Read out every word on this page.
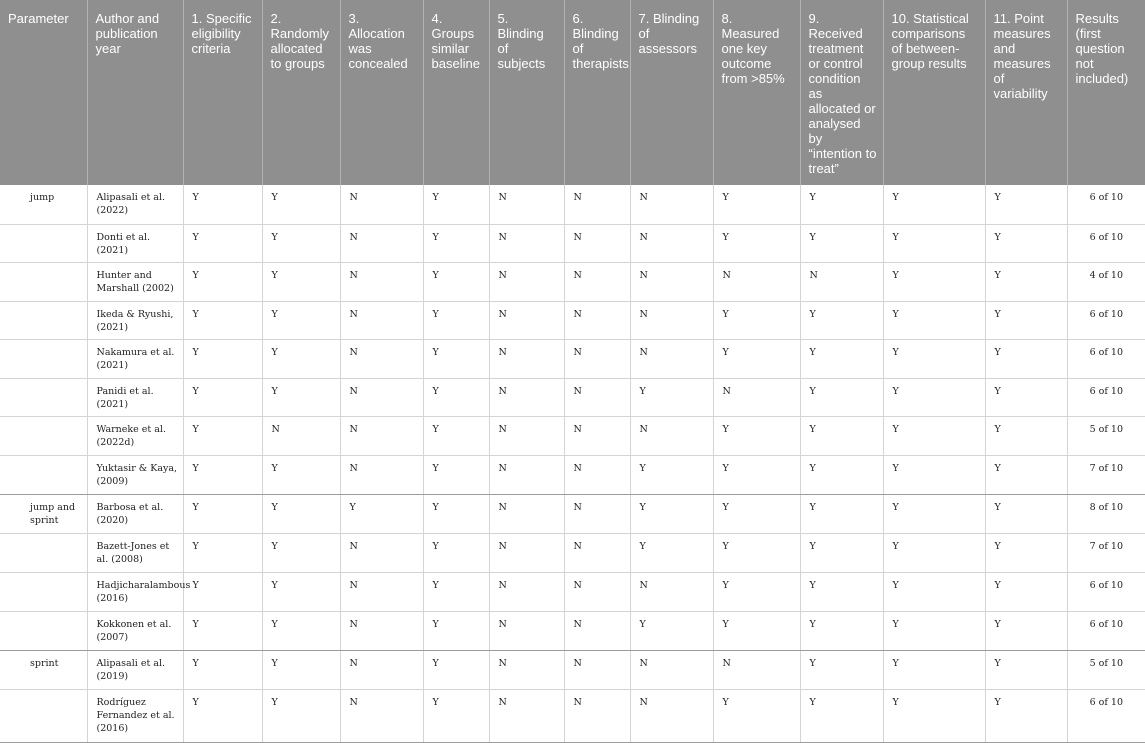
Parameter	Author and publication year	1. Specific eligibility criteria	2. Randomly allocated to groups	3. Allocation was concealed	4. Groups similar baseline	5. Blinding of subjects	6. Blinding of therapists	7. Blinding of assessors	8. Measured one key outcome from >85%	9. Received treatment or control condition as allocated or analysed by “intention to treat”	10. Statistical comparisons of between-group results	11. Point measures and measures of variability	Results (first question not included)
jump	Alipasali et al. (2022)	Y	Y	N	Y	N	N	N	Y	Y	Y	Y	6 of 10
	Donti et al. (2021)	Y	Y	N	Y	N	N	N	Y	Y	Y	Y	6 of 10
	Hunter and Marshall (2002)	Y	Y	N	Y	N	N	N	N	N	Y	Y	4 of 10
	Ikeda & Ryushi, (2021)	Y	Y	N	Y	N	N	N	Y	Y	Y	Y	6 of 10
	Nakamura et al. (2021)	Y	Y	N	Y	N	N	N	Y	Y	Y	Y	6 of 10
	Panidi et al. (2021)	Y	Y	N	Y	N	N	Y	N	Y	Y	Y	6 of 10
	Warneke et al. (2022d)	Y	N	N	Y	N	N	N	Y	Y	Y	Y	5 of 10
	Yuktasir & Kaya, (2009)	Y	Y	N	Y	N	N	Y	Y	Y	Y	Y	7 of 10
jump and sprint	Barbosa et al. (2020)	Y	Y	Y	Y	N	N	Y	Y	Y	Y	Y	8 of 10
	Bazett-Jones et al. (2008)	Y	Y	N	Y	N	N	Y	Y	Y	Y	Y	7 of 10
	Hadjicharalambous (2016)	Y	Y	N	Y	N	N	N	Y	Y	Y	Y	6 of 10
	Kokkonen et al. (2007)	Y	Y	N	Y	N	N	Y	Y	Y	Y	Y	6 of 10
sprint	Alipasali et al. (2019)	Y	Y	N	Y	N	N	N	N	Y	Y	Y	5 of 10
	Rodríguez Fernandez et al. (2016)	Y	Y	N	Y	N	N	N	Y	Y	Y	Y	6 of 10
